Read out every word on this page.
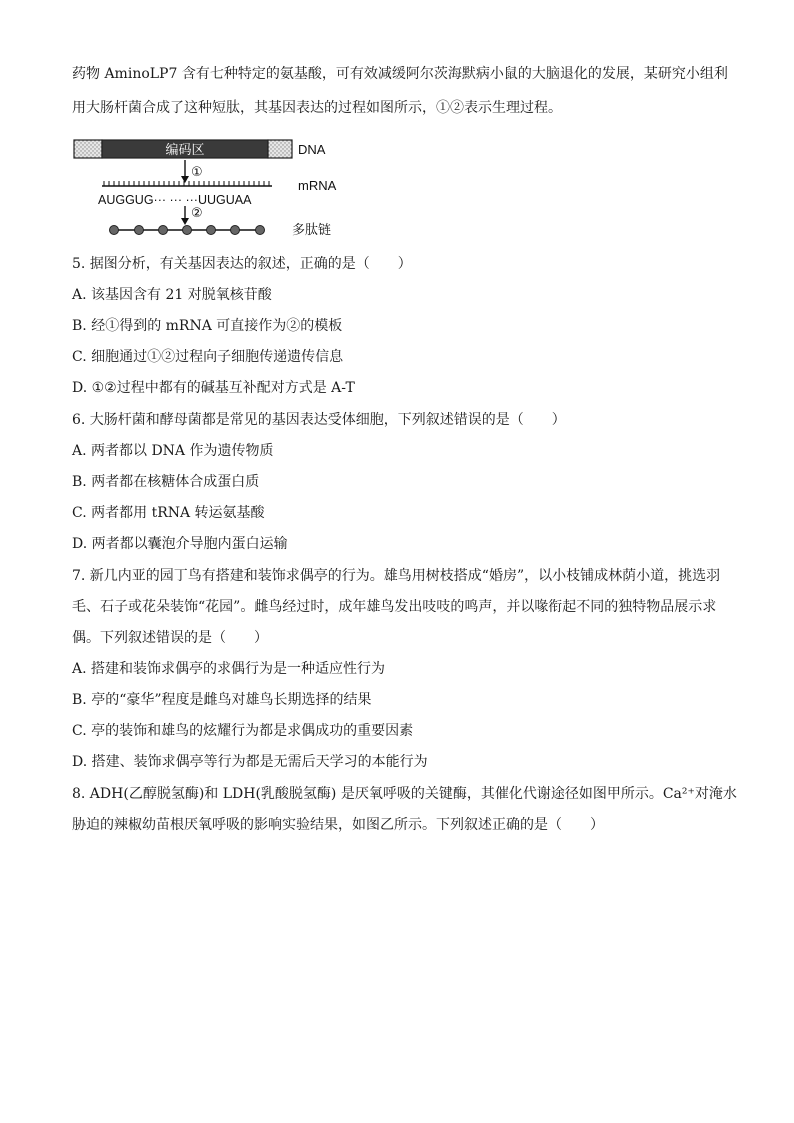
药物 AminoLP7 含有七种特定的氨基酸，可有效减缓阿尔茨海默病小鼠的大脑退化的发展，某研究小组利
用大肠杆菌合成了这种短肽，其基因表达的过程如图所示，①②表示生理过程。
编码区	DNA
①
mRNA
AUGGUG··· ··· ···UUGUAA
②
多肽链
5. 据图分析，有关基因表达的叙述，正确的是（　　）
A. 该基因含有 21 对脱氧核苷酸
B. 经①得到的 mRNA 可直接作为②的模板
C. 细胞通过①②过程向子细胞传递遗传信息
D. ①②过程中都有的碱基互补配对方式是 A-T
6. 大肠杆菌和酵母菌都是常见的基因表达受体细胞，下列叙述错误的是（　　）
A. 两者都以 DNA 作为遗传物质
B. 两者都在核糖体合成蛋白质
C. 两者都用 tRNA 转运氨基酸
D. 两者都以囊泡介导胞内蛋白运输
7. 新几内亚的园丁鸟有搭建和装饰求偶亭的行为。雄鸟用树枝搭成“婚房”，以小枝铺成林荫小道，挑选羽
毛、石子或花朵装饰“花园”。雌鸟经过时，成年雄鸟发出吱吱的鸣声，并以喙衔起不同的独特物品展示求
偶。下列叙述错误的是（　　）
A. 搭建和装饰求偶亭的求偶行为是一种适应性行为
B. 亭的“豪华”程度是雌鸟对雄鸟长期选择的结果
C. 亭的装饰和雄鸟的炫耀行为都是求偶成功的重要因素
D. 搭建、装饰求偶亭等行为都是无需后天学习的本能行为
8. ADH(乙醇脱氢酶)和 LDH(乳酸脱氢酶) 是厌氧呼吸的关键酶，其催化代谢途径如图甲所示。Ca²⁺对淹水
胁迫的辣椒幼苗根厌氧呼吸的影响实验结果，如图乙所示。下列叙述正确的是（　　）
